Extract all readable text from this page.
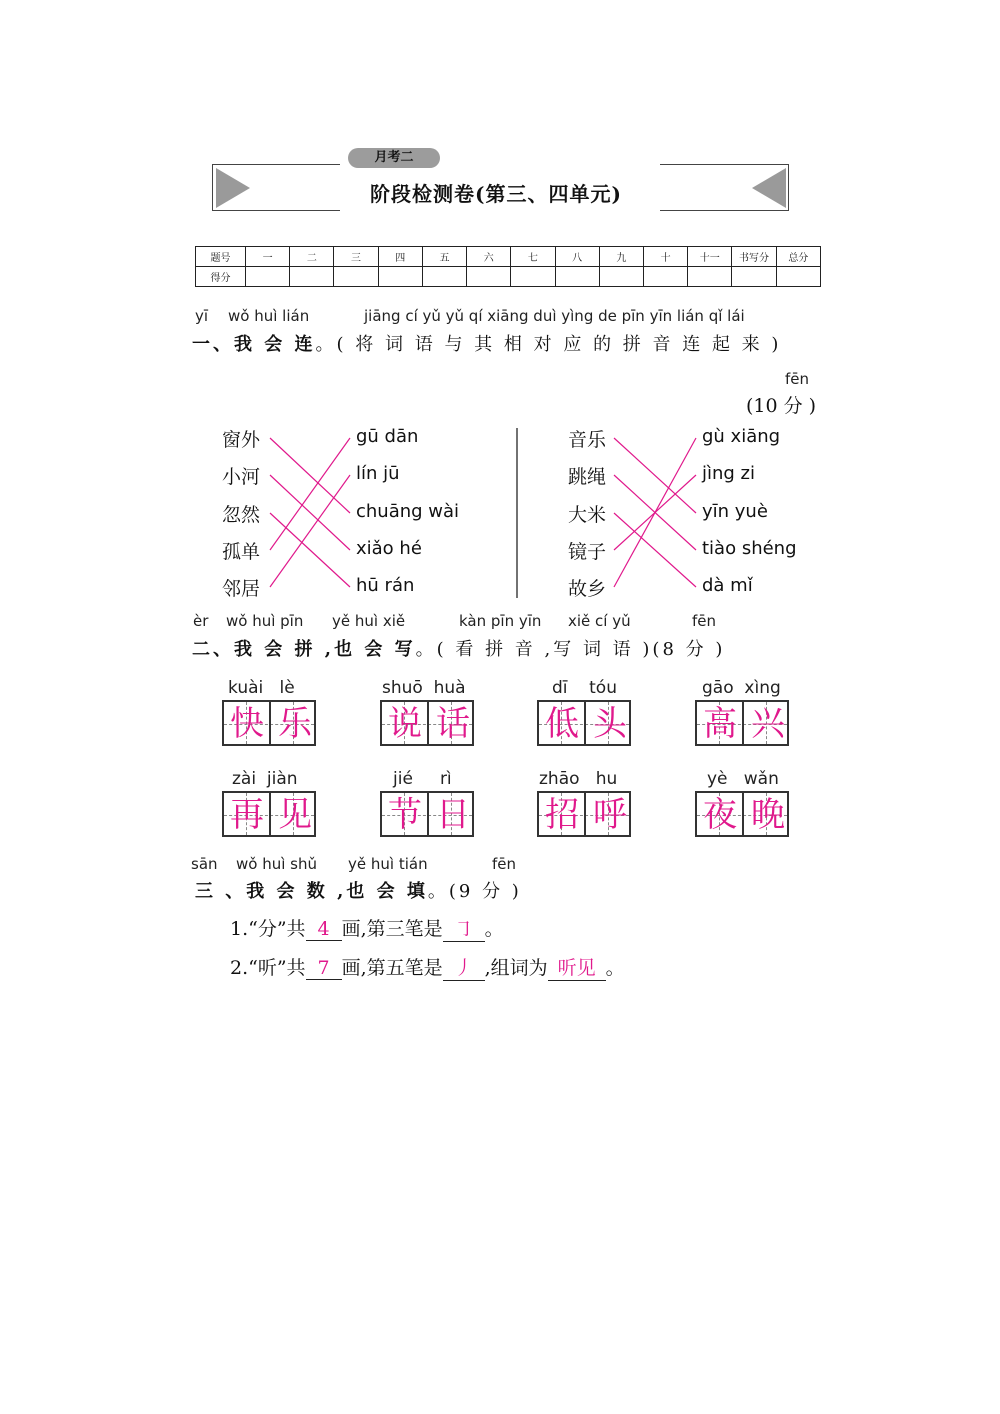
月考二
阶段检测卷(第三、四单元)
题号	一	二	三	四	五	六	七	八	九	十	十一	书写分	总分
得分													
yī wǒ huì lián	jiāng cí yǔ yǔ qí xiāng duì yìng de pīn yīn lián qǐ lái
一、我 会 连。( 将 词 语 与 其 相 对 应 的 拼 音 连 起 来 )
fēn
(10 分 )
窗外
小河
忽然
孤单
邻居
gū dān
lín jū
chuāng wài
xiǎo hé
hū rán
音乐
跳绳
大米
镜子
故乡
gù xiāng
jìng zi
yīn yuè
tiào shéng
dà mǐ
èr wǒ huì pīn yě huì xiě	kàn pīn yīn xiě cí yǔ	fēn
二、我 会 拼 ,也 会 写。( 看 拼 音 ,写 词 语 )(8 分 )
kuài lè
快 乐
shuō huà
说 话
dī tóu
低 头
gāo xìng
高 兴
zài jiàn
再 见
jié rì
节 日
zhāo hu
招 呼
yè wǎn
夜 晚
sān wǒ huì shǔ yě huì tián	fēn
三 、我 会 数 ,也 会 填。(9 分 )
1.“分”共 4 画,第三笔是 ㇆ 。
2.“听”共 7 画,第五笔是 丿 ,组词为 听见 。
